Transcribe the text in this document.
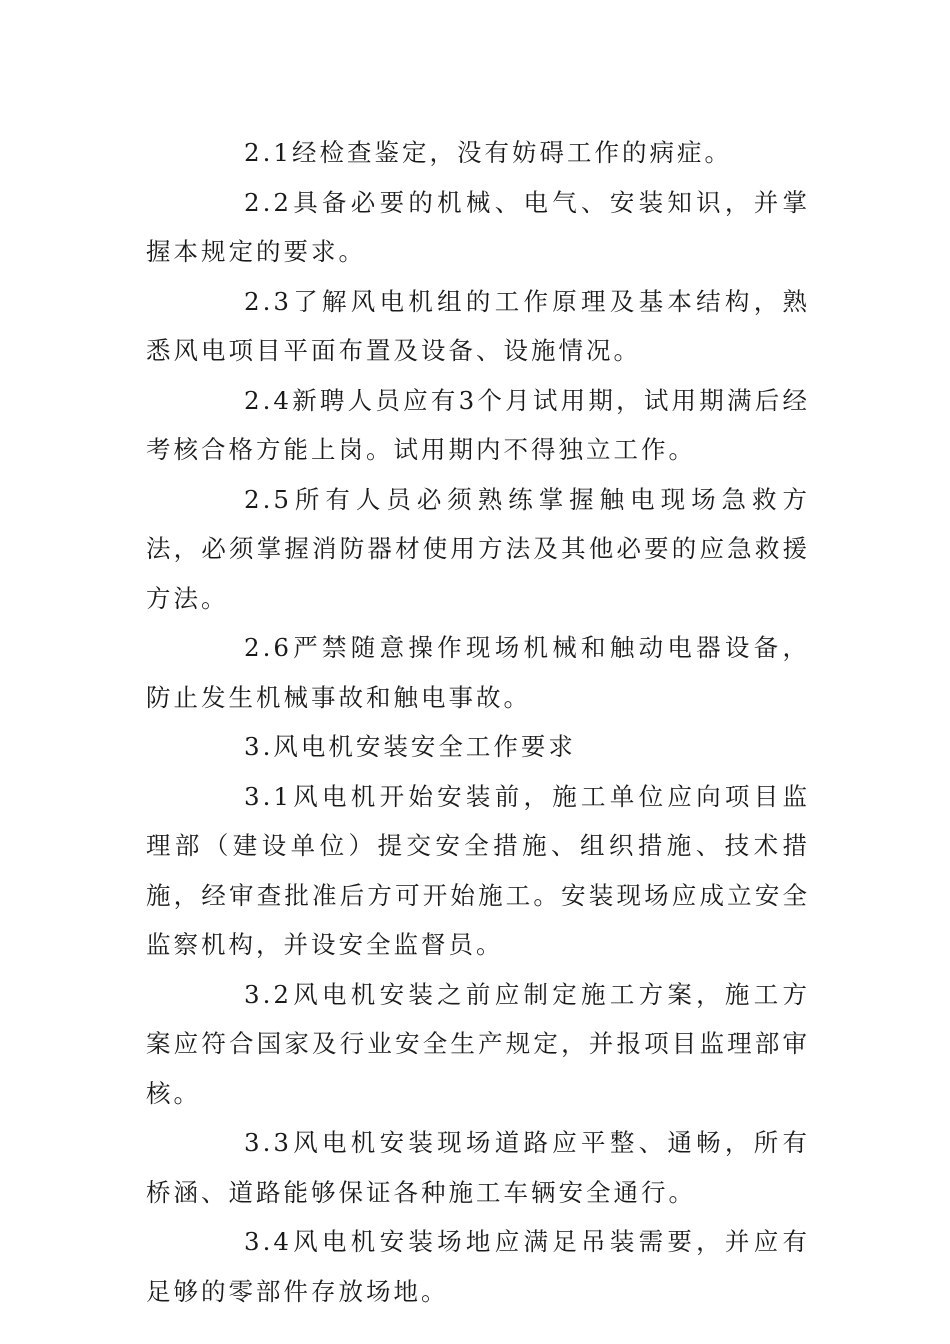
2.1经检查鉴定，没有妨碍工作的病症。

2.2具备必要的机械、电气、安装知识，并掌握本规定的要求。

2.3了解风电机组的工作原理及基本结构，熟悉风电项目平面布置及设备、设施情况。

2.4新聘人员应有3个月试用期，试用期满后经考核合格方能上岗。试用期内不得独立工作。

2.5所有人员必须熟练掌握触电现场急救方法，必须掌握消防器材使用方法及其他必要的应急救援方法。

2.6严禁随意操作现场机械和触动电器设备，防止发生机械事故和触电事故。

3.风电机安装安全工作要求

3.1风电机开始安装前，施工单位应向项目监理部（建设单位）提交安全措施、组织措施、技术措施，经审查批准后方可开始施工。安装现场应成立安全监察机构，并设安全监督员。

3.2风电机安装之前应制定施工方案，施工方案应符合国家及行业安全生产规定，并报项目监理部审核。

3.3风电机安装现场道路应平整、通畅，所有桥涵、道路能够保证各种施工车辆安全通行。

3.4风电机安装场地应满足吊装需要，并应有足够的零部件存放场地。
